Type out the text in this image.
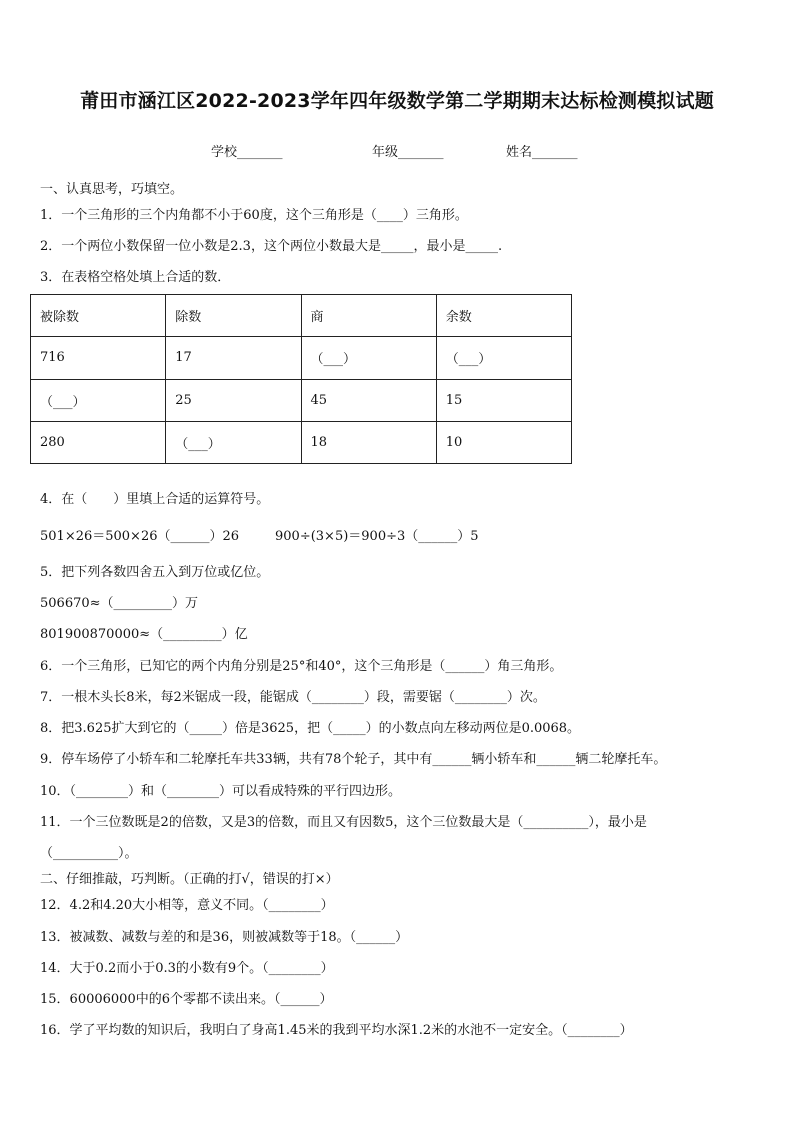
莆田市涵江区2022-2023学年四年级数学第二学期期末达标检测模拟试题
学校_______	年级_______	姓名_______
一、认真思考，巧填空。
1．一个三角形的三个内角都不小于60度，这个三角形是（____）三角形。
2．一个两位小数保留一位小数是2.3，这个两位小数最大是_____，最小是_____.
3．在表格空格处填上合适的数．
被除数	除数	商	余数
716	17	（___）	（___）
（___）	25	45	15
280	（___）	18	10
4．在（　　）里填上合适的运算符号。
501×26＝500×26（______）26	900÷(3×5)＝900÷3（______）5
5．把下列各数四舍五入到万位或亿位。
506670≈（_________）万
801900870000≈（_________）亿
6．一个三角形，已知它的两个内角分别是25°和40°，这个三角形是（______）角三角形。
7．一根木头长8米，每2米锯成一段，能锯成（________）段，需要锯（________）次。
8．把3.625扩大到它的（_____）倍是3625，把（_____）的小数点向左移动两位是0.0068。
9．停车场停了小轿车和二轮摩托车共33辆，共有78个轮子，其中有______辆小轿车和______辆二轮摩托车。
10．（________）和（________）可以看成特殊的平行四边形。
11．一个三位数既是2的倍数，又是3的倍数，而且又有因数5，这个三位数最大是（__________），最小是
（__________）。
二、仔细推敲，巧判断。（正确的打√，错误的打×）
12．4.2和4.20大小相等，意义不同。（________）
13．被减数、减数与差的和是36，则被减数等于18。（______）
14．大于0.2而小于0.3的小数有9个。（________）
15．60006000中的6个零都不读出来。（______）
16．学了平均数的知识后，我明白了身高1.45米的我到平均水深1.2米的水池不一定安全。（________）
